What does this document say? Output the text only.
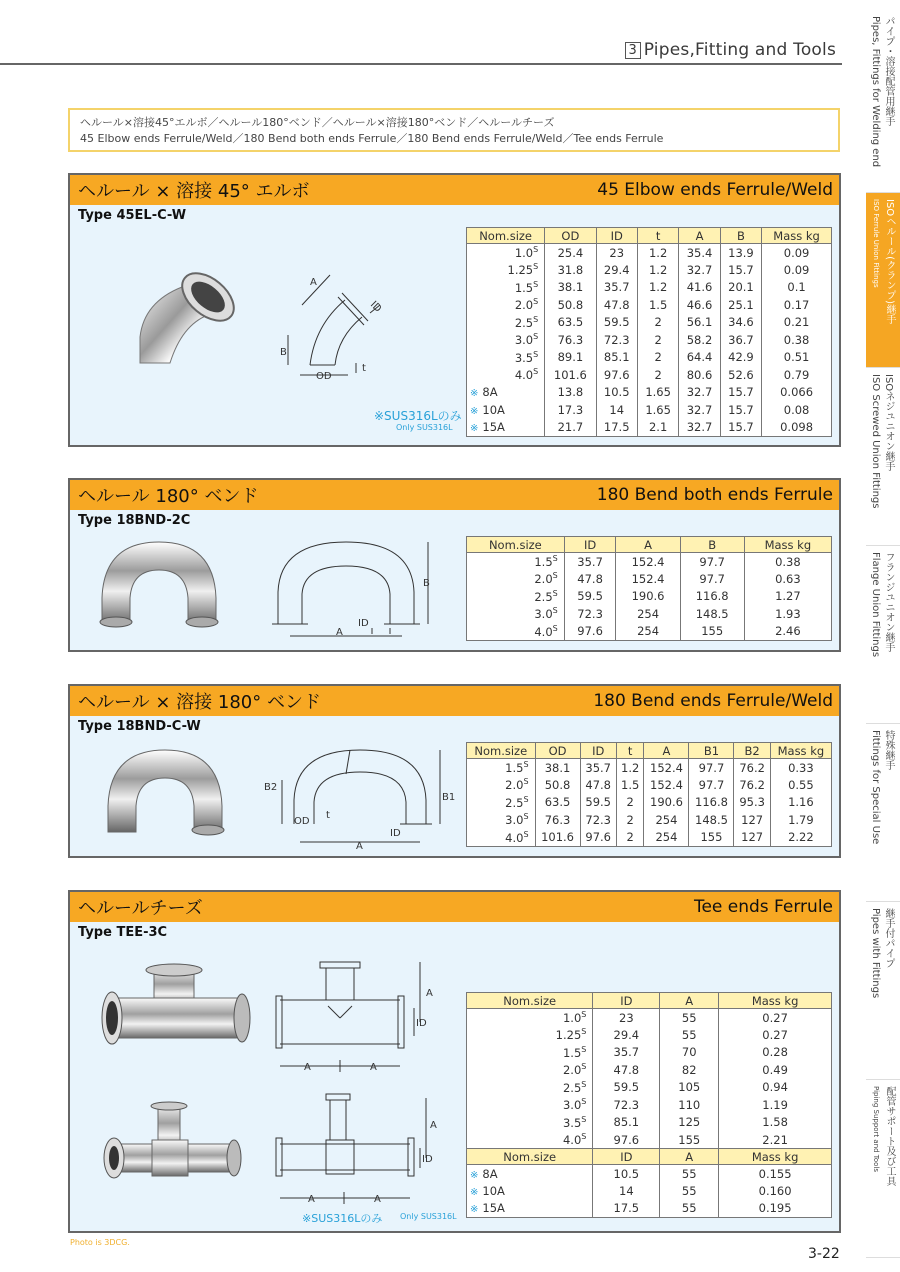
3 Pipes,Fitting and Tools	パイプ・溶接配管用継手
Pipes, Fittings for Welding end
ISOヘルール(クランプ)継手
ISO Ferrule Union Fittings
ISOネジユニオン継手
ISO Screwed Union Fittings
フランジユニオン継手
Flange Union Fittings
特殊継手
Fittings for Special Use
継手付パイプ
Pipes with Fittings
配管サポート及び工具
Piping Support and Tools
ヘルール×溶接45°エルボ／ヘルール180°ベンド／ヘルール×溶接180°ベンド／ヘルールチーズ
45 Elbow ends Ferrule/Weld／180 Bend both ends Ferrule／180 Bend ends Ferrule/Weld／Tee ends Ferrule
ヘルール × 溶接 45° エルボ	45 Elbow ends Ferrule/Weld
Type 45EL-C-W
A
ID
B
OD
t
※SUS316Lのみ
Only SUS316L
Nom.size	OD	ID	t	A	B	Mass kg
$1.0^S$	25.4	23	1.2	35.4	13.9	0.09
$1.25^S$	31.8	29.4	1.2	32.7	15.7	0.09
$1.5^S$	38.1	35.7	1.2	41.6	20.1	0.1
$2.0^S$	50.8	47.8	1.5	46.6	25.1	0.17
$2.5^S$	63.5	59.5	2	56.1	34.6	0.21
$3.0^S$	76.3	72.3	2	58.2	36.7	0.38
$3.5^S$	89.1	85.1	2	64.4	42.9	0.51
$4.0^S$	101.6	97.6	2	80.6	52.6	0.79
※ 8A	13.8	10.5	1.65	32.7	15.7	0.066
※ 10A	17.3	14	1.65	32.7	15.7	0.08
※ 15A	21.7	17.5	2.1	32.7	15.7	0.098
ヘルール 180° ベンド	180 Bend both ends Ferrule
Type 18BND-2C
B
A
ID
Nom.size	ID	A	B	Mass kg
$1.5^S$	35.7	152.4	97.7	0.38
$2.0^S$	47.8	152.4	97.7	0.63
$2.5^S$	59.5	190.6	116.8	1.27
$3.0^S$	72.3	254	148.5	1.93
$4.0^S$	97.6	254	155	2.46
ヘルール × 溶接 180° ベンド	180 Bend ends Ferrule/Weld
Type 18BND-C-W
B2
B1
OD
t
ID
A
Nom.size	OD	ID	t	A	B1	B2	Mass kg
$1.5^S$	38.1	35.7	1.2	152.4	97.7	76.2	0.33
$2.0^S$	50.8	47.8	1.5	152.4	97.7	76.2	0.55
$2.5^S$	63.5	59.5	2	190.6	116.8	95.3	1.16
$3.0^S$	76.3	72.3	2	254	148.5	127	1.79
$4.0^S$	101.6	97.6	2	254	155	127	2.22
ヘルールチーズ	Tee ends Ferrule
Type TEE-3C
A
ID
A	A
A
ID
A	A
※SUS316Lのみ Only SUS316L
Nom.size	ID	A	Mass kg
$1.0^S$	23	55	0.27
$1.25^S$	29.4	55	0.27
$1.5^S$	35.7	70	0.28
$2.0^S$	47.8	82	0.49
$2.5^S$	59.5	105	0.94
$3.0^S$	72.3	110	1.19
$3.5^S$	85.1	125	1.58
$4.0^S$	97.6	155	2.21
Nom.size	ID	A	Mass kg
※ 8A	10.5	55	0.155
※ 10A	14	55	0.160
※ 15A	17.5	55	0.195
Photo is 3DCG.
3-22
